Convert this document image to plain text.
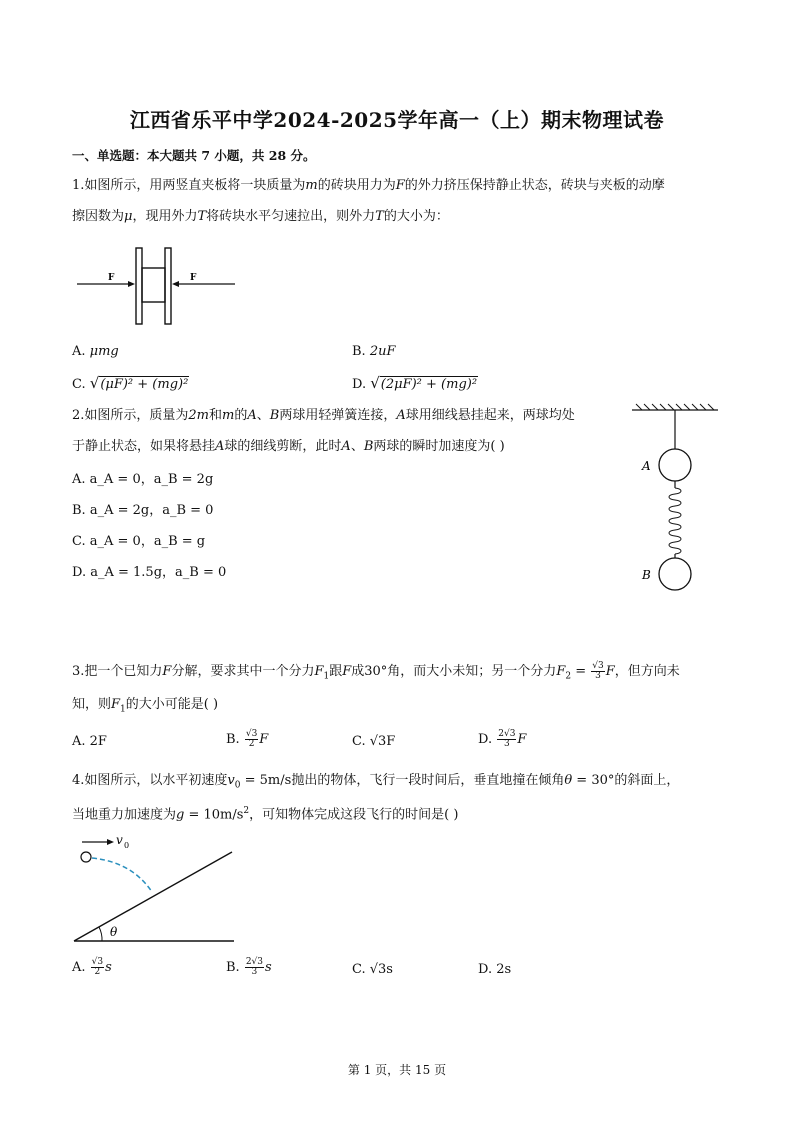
江西省乐平中学2024-2025学年高一（上）期末物理试卷
一、单选题：本大题共 7 小题，共 28 分。
1.如图所示，用两竖直夹板将一块质量为m的砖块用力为F的外力挤压保持静止状态，砖块与夹板的动摩
擦因数为μ，现用外力T将砖块水平匀速拉出，则外力T的大小为：
F	F
A. μmg	B. 2uF
C. √(μF)² + (mg)²	D. √(2μF)² + (mg)²
2.如图所示，质量为2m和m的A、B两球用轻弹簧连接，A球用细线悬挂起来，两球均处
于静止状态，如果将悬挂A球的细线剪断，此时A、B两球的瞬时加速度为( )
A. a_A = 0，a_B = 2g
B. a_A = 2g，a_B = 0
C. a_A = 0，a_B = g
D. a_A = 1.5g，a_B = 0
A
B
3.把一个已知力F分解，要求其中一个分力$F_1$跟F成30°角，而大小未知；另一个分力$F_2 = \frac{√3}{3}$ F，但方向未
知，则$F_1$的大小可能是( )
A. 2F	B. $\frac{√3}{2}$ F	C. √3F	D. $\frac{2√3}{3}$ F
4.如图所示，以水平初速度$v_0 = 5m/s$抛出的物体，飞行一段时间后，垂直地撞在倾角θ = 30°的斜面上，
当地重力加速度为$g = 10m/s^2$，可知物体完成这段飞行的时间是( )
v 0
θ
A. $\frac{√3}{2}$ s	B. $\frac{2√3}{3}$ s	C. √3s	D. 2s
第 1 页，共 15 页
